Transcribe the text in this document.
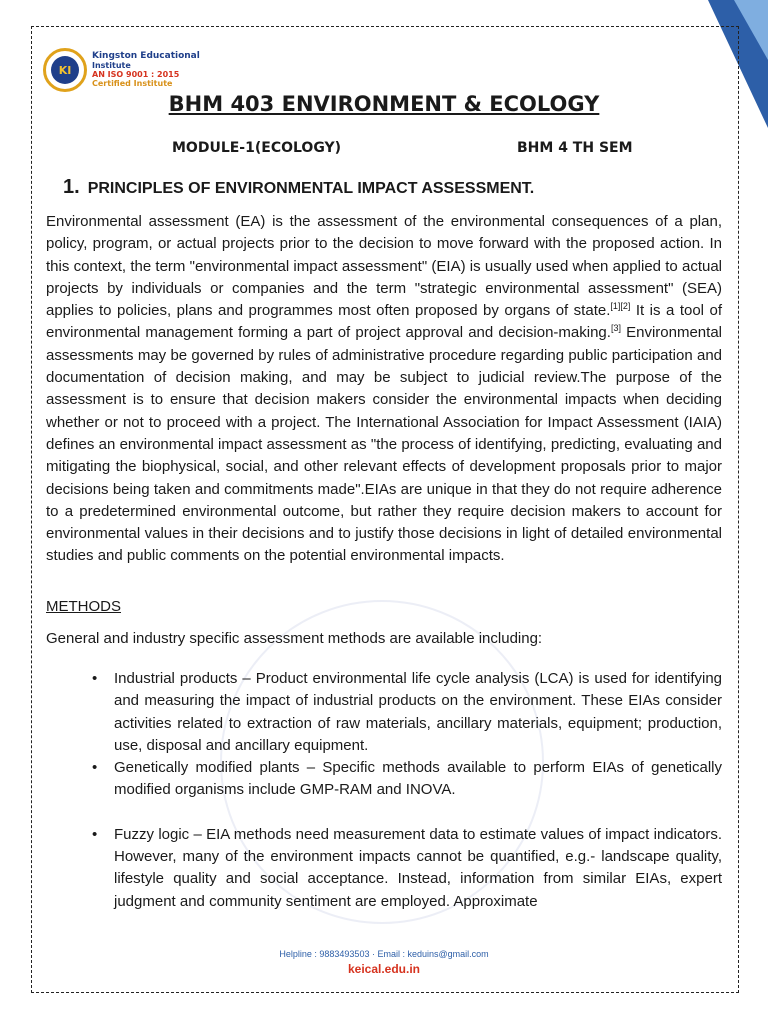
KI
Kingston Educational
Institute
AN ISO 9001 : 2015
Certified Institute
BHM 403 ENVIRONMENT & ECOLOGY
MODULE-1(ECOLOGY)	BHM 4 TH SEM
1. PRINCIPLES OF ENVIRONMENTAL IMPACT ASSESSMENT.
Environmental assessment (EA) is the assessment of the environmental consequences of a plan, policy, program, or actual projects prior to the decision to move forward with the proposed action. In this context, the term "environmental impact assessment" (EIA) is usually used when applied to actual projects by individuals or companies and the term "strategic environmental assessment" (SEA) applies to policies, plans and programmes most often proposed by organs of state.[1][2] It is a tool of environmental management forming a part of project approval and decision-making.[3] Environmental assessments may be governed by rules of administrative procedure regarding public participation and documentation of decision making, and may be subject to judicial review.The purpose of the assessment is to ensure that decision makers consider the environmental impacts when deciding whether or not to proceed with a project. The International Association for Impact Assessment (IAIA) defines an environmental impact assessment as "the process of identifying, predicting, evaluating and mitigating the biophysical, social, and other relevant effects of development proposals prior to major decisions being taken and commitments made".EIAs are unique in that they do not require adherence to a predetermined environmental outcome, but rather they require decision makers to account for environmental values in their decisions and to justify those decisions in light of detailed environmental studies and public comments on the potential environmental impacts.
METHODS
General and industry specific assessment methods are available including:
• Industrial products – Product environmental life cycle analysis (LCA) is used for identifying and measuring the impact of industrial products on the environment. These EIAs consider activities related to extraction of raw materials, ancillary materials, equipment; production, use, disposal and ancillary equipment.
• Genetically modified plants – Specific methods available to perform EIAs of genetically modified organisms include GMP-RAM and INOVA.
• Fuzzy logic – EIA methods need measurement data to estimate values of impact indicators. However, many of the environment impacts cannot be quantified, e.g.- landscape quality, lifestyle quality and social acceptance. Instead, information from similar EIAs, expert judgment and community sentiment are employed. Approximate
Helpline : 9883493503 · Email : keduins@gmail.com
keical.edu.in
